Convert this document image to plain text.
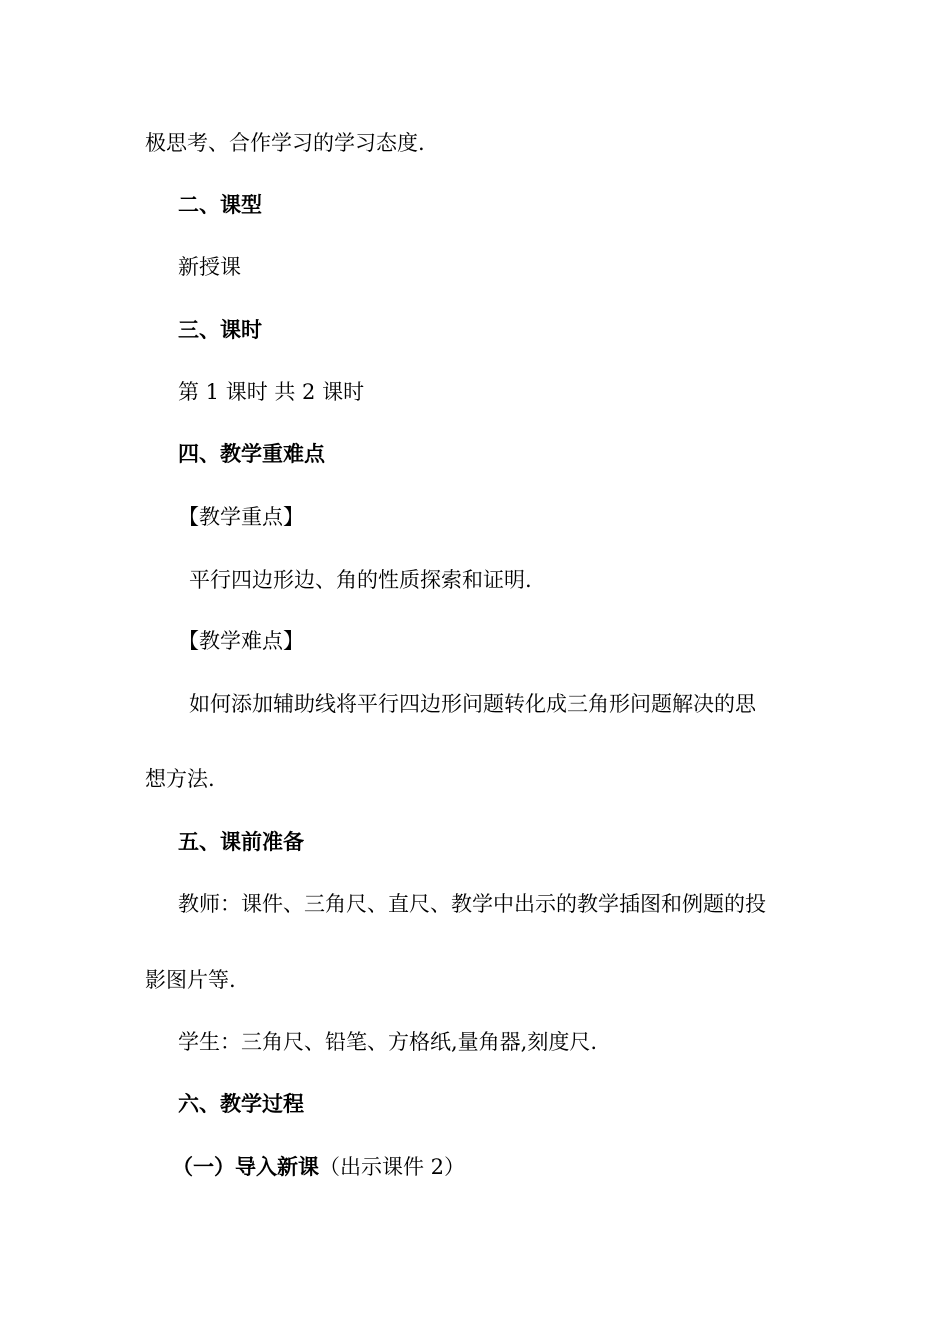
极思考、合作学习的学习态度.
二、课型
新授课
三、课时
第 1 课时 共 2 课时
四、教学重难点
【教学重点】
平行四边形边、角的性质探索和证明.
【教学难点】
如何添加辅助线将平行四边形问题转化成三角形问题解决的思
想方法.
五、课前准备
教师：课件、三角尺、直尺、教学中出示的教学插图和例题的投
影图片等.
学生：三角尺、铅笔、方格纸,量角器,刻度尺.
六、教学过程
（一）导入新课（出示课件 2）
